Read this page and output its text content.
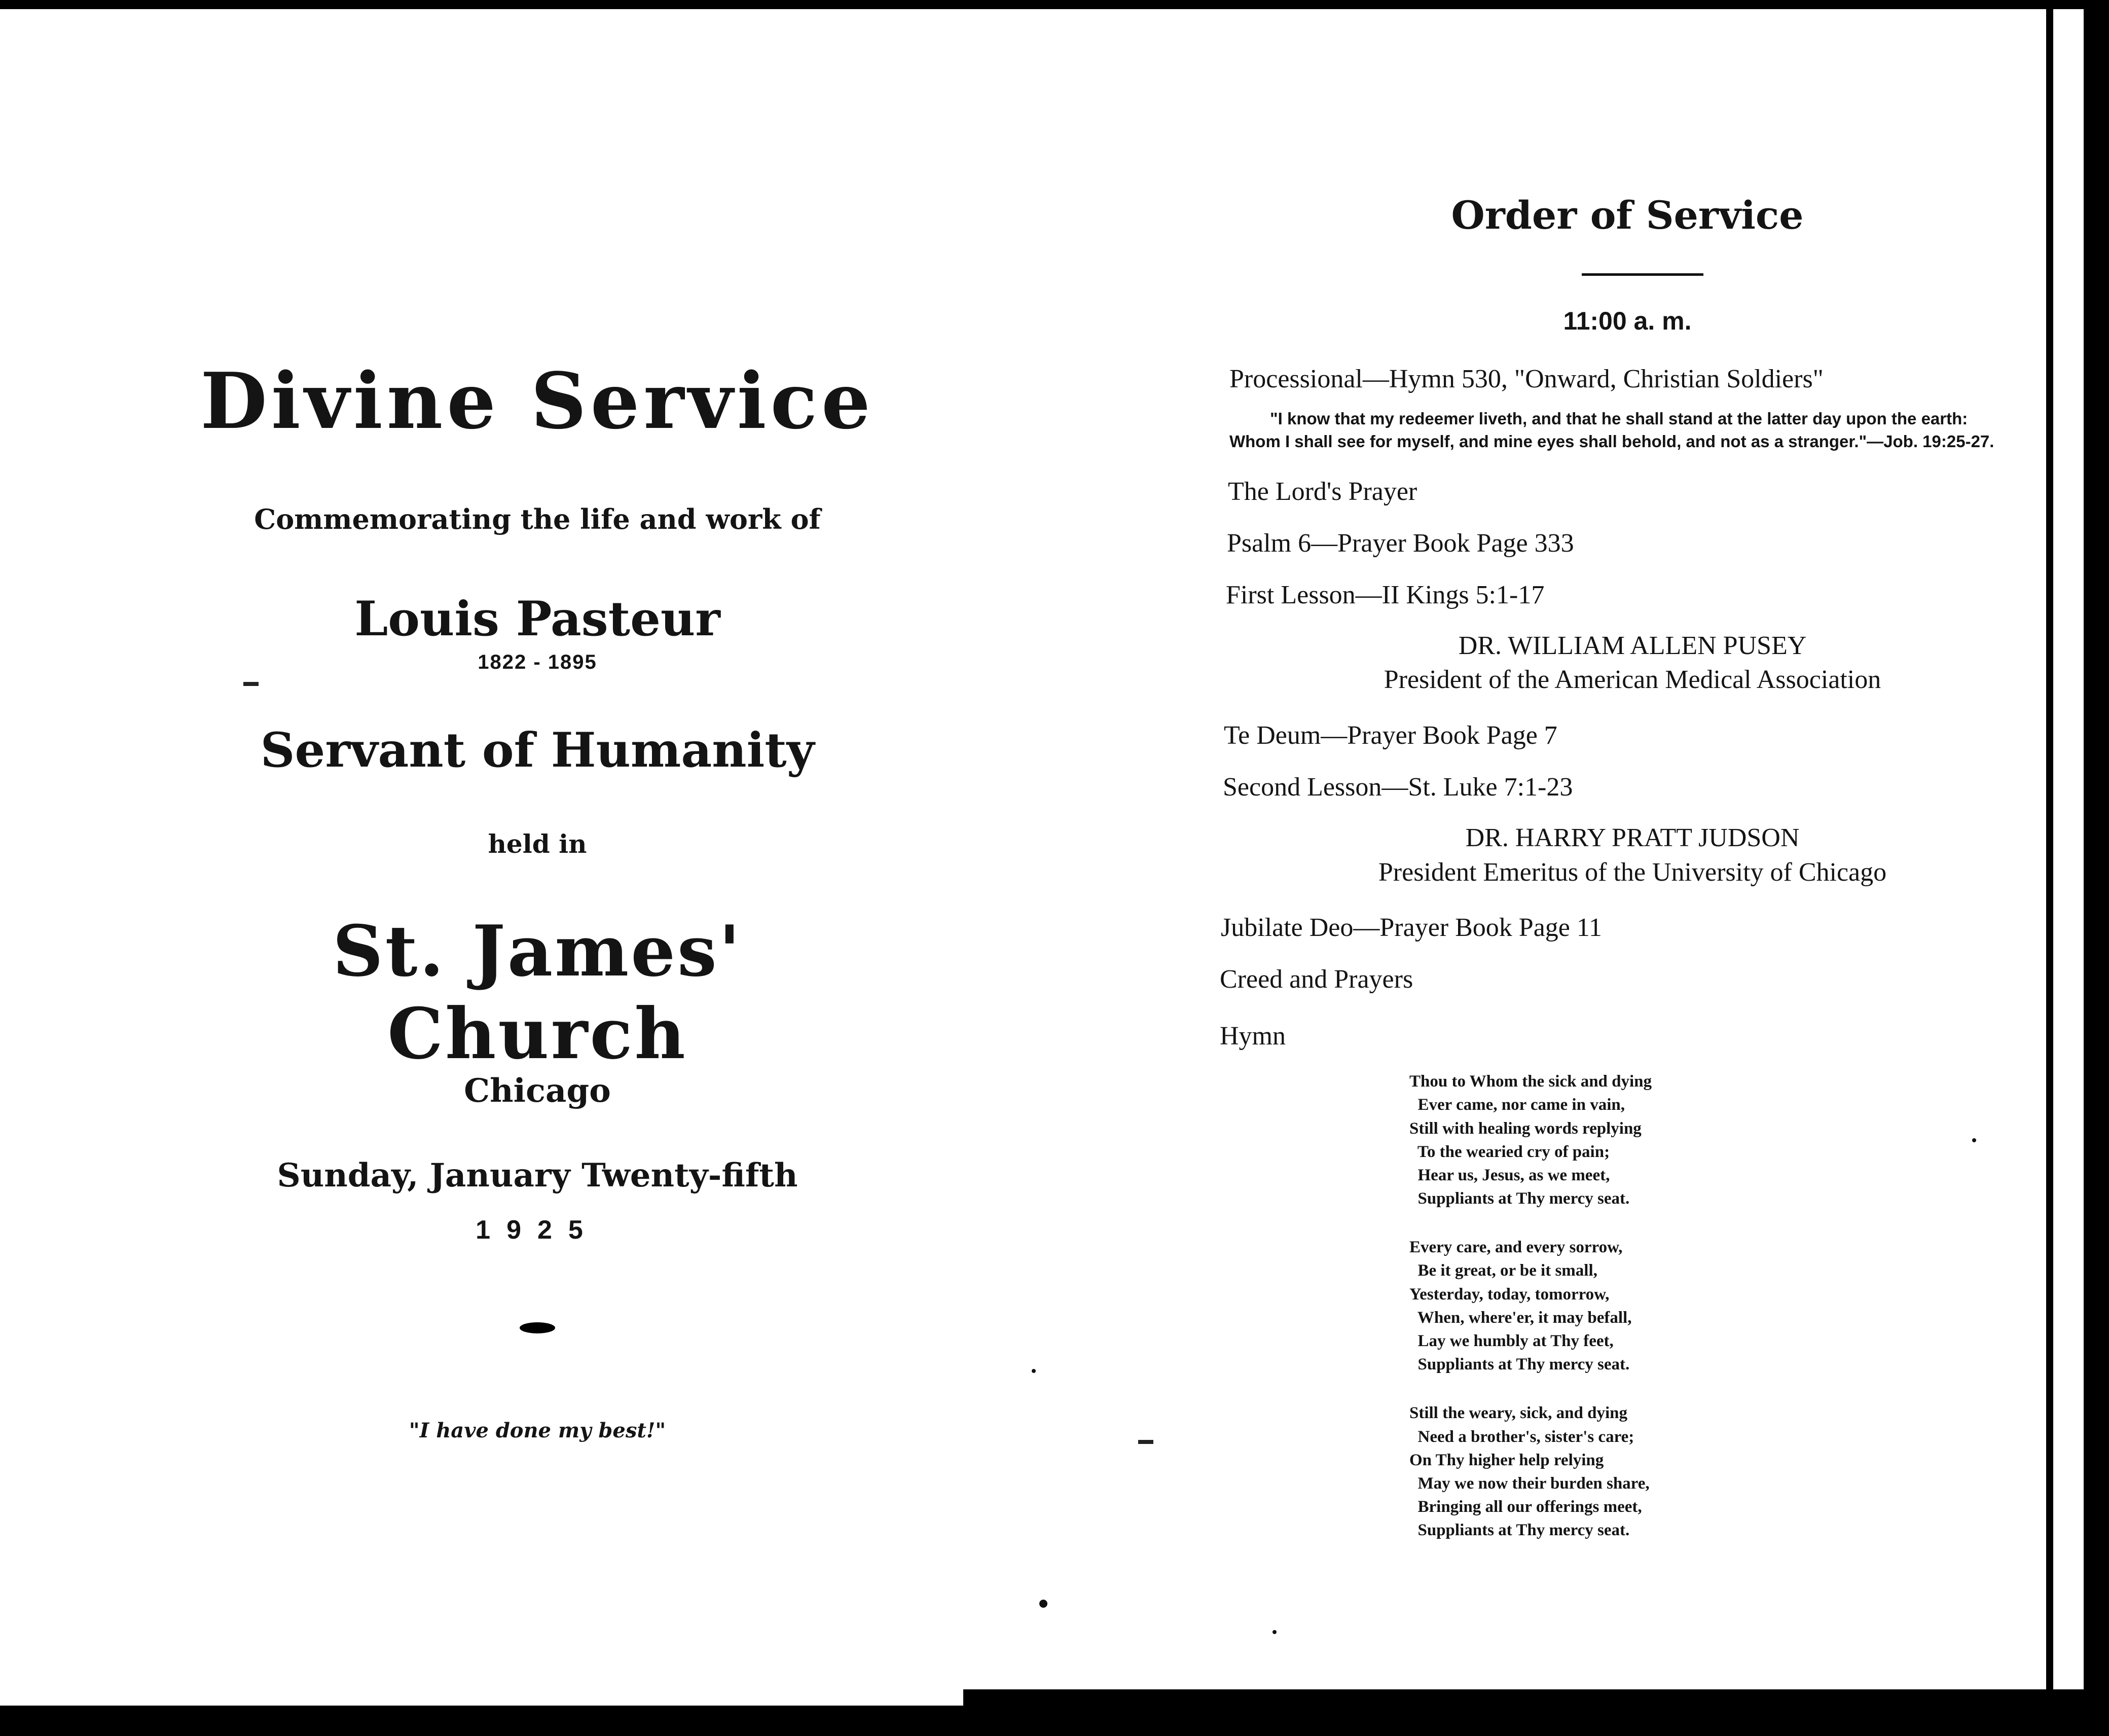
Divine Service
Commemorating the life and work of
Louis Pasteur
1822 - 1895
Servant of Humanity
held in
St. James' Church
Chicago
Sunday, January Twenty-fifth
1925
"I have done my best!"
Order of Service
11:00 a. m.
Processional—Hymn 530, "Onward, Christian Soldiers"
"I know that my redeemer liveth, and that he shall stand at the latter day upon the earth: Whom I shall see for myself, and mine eyes shall behold, and not as a stranger."—Job. 19:25-27.
The Lord's Prayer
Psalm 6—Prayer Book Page 333
First Lesson—II Kings 5:1-17
DR. WILLIAM ALLEN PUSEY
President of the American Medical Association
Te Deum—Prayer Book Page 7
Second Lesson—St. Luke 7:1-23
DR. HARRY PRATT JUDSON
President Emeritus of the University of Chicago
Jubilate Deo—Prayer Book Page 11
Creed and Prayers
Hymn
Thou to Whom the sick and dying
Ever came, nor came in vain,
Still with healing words replying
To the wearied cry of pain;
Hear us, Jesus, as we meet,
Suppliants at Thy mercy seat.
Every care, and every sorrow,
Be it great, or be it small,
Yesterday, today, tomorrow,
When, where'er, it may befall,
Lay we humbly at Thy feet,
Suppliants at Thy mercy seat.
Still the weary, sick, and dying
Need a brother's, sister's care;
On Thy higher help relying
May we now their burden share,
Bringing all our offerings meet,
Suppliants at Thy mercy seat.
